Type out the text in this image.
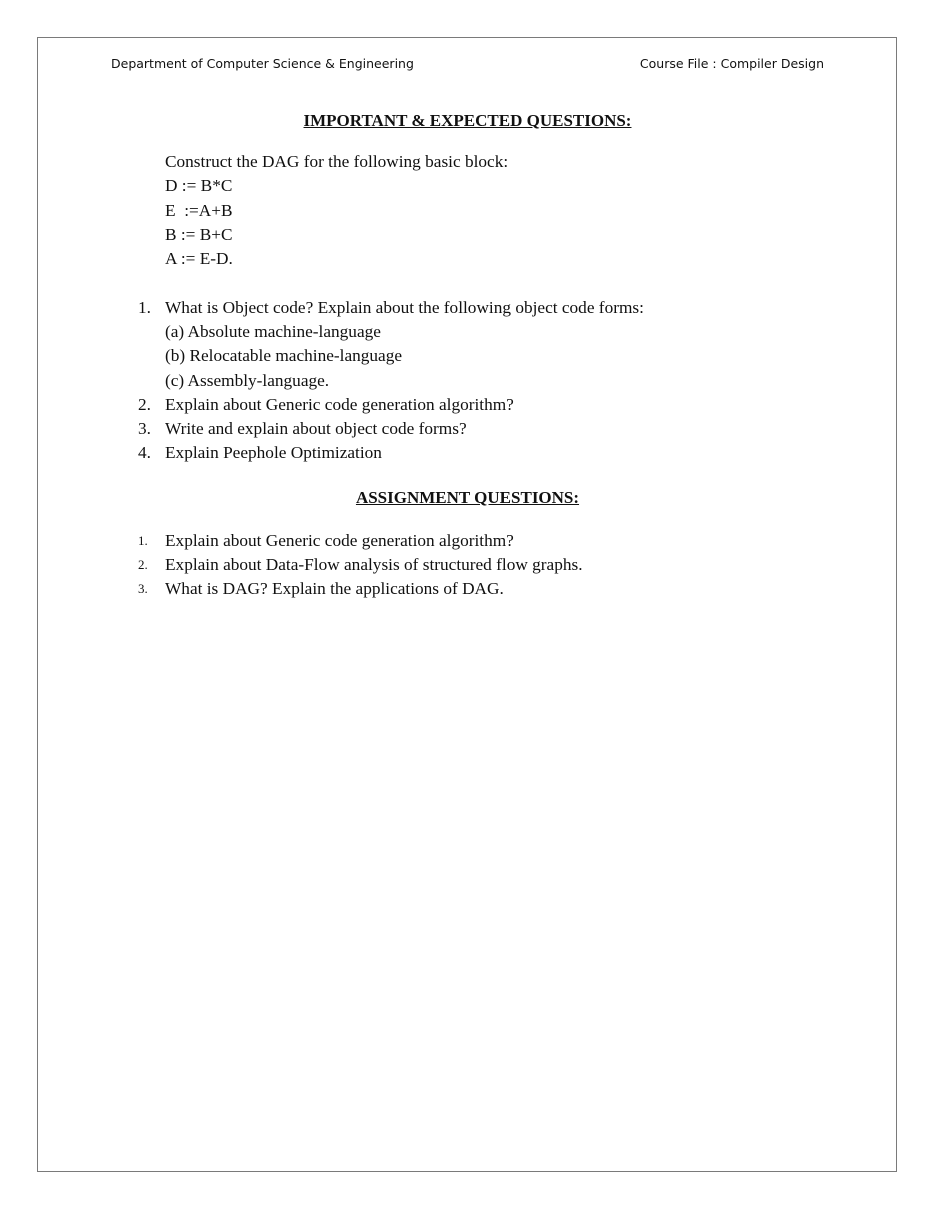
Department of Computer Science & Engineering	Course File : Compiler Design
IMPORTANT & EXPECTED QUESTIONS:
Construct the DAG for the following basic block:
D := B*C
E  :=A+B
B := B+C
A := E-D.
1. What is Object code? Explain about the following object code forms:
(a) Absolute machine-language
(b) Relocatable machine-language
(c) Assembly-language.
2. Explain about Generic code generation algorithm?
3. Write and explain about object code forms?
4. Explain Peephole Optimization
ASSIGNMENT QUESTIONS:
1. Explain about Generic code generation algorithm?
2. Explain about Data-Flow analysis of structured flow graphs.
3. What is DAG? Explain the applications of DAG.
